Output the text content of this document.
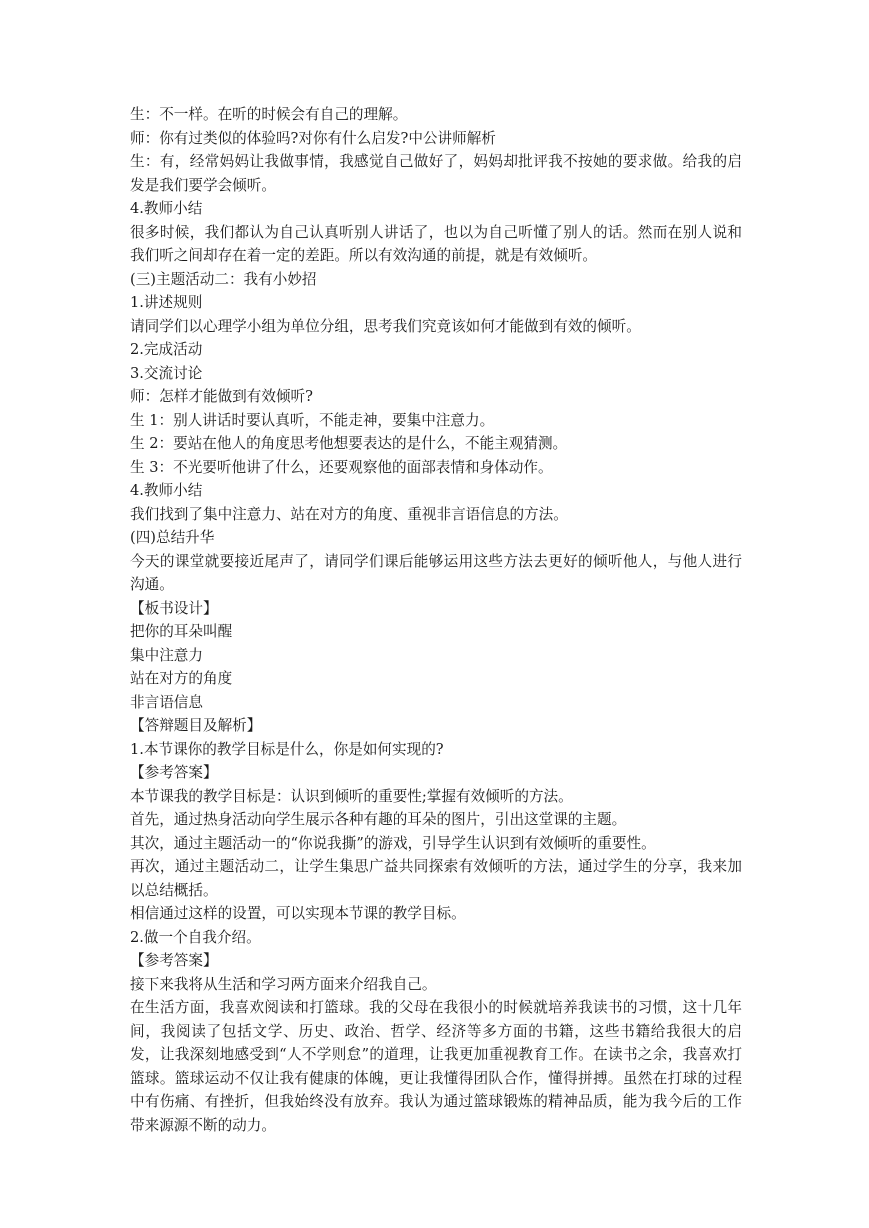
生：不一样。在听的时候会有自己的理解。

师：你有过类似的体验吗?对你有什么启发?中公讲师解析

生：有，经常妈妈让我做事情，我感觉自己做好了，妈妈却批评我不按她的要求做。给我的启发是我们要学会倾听。

4.教师小结

很多时候，我们都认为自己认真听别人讲话了，也以为自己听懂了别人的话。然而在别人说和我们听之间却存在着一定的差距。所以有效沟通的前提，就是有效倾听。

(三)主题活动二：我有小妙招

1.讲述规则

请同学们以心理学小组为单位分组，思考我们究竟该如何才能做到有效的倾听。

2.完成活动

3.交流讨论

师：怎样才能做到有效倾听?

生 1：别人讲话时要认真听，不能走神，要集中注意力。

生 2：要站在他人的角度思考他想要表达的是什么，不能主观猜测。

生 3：不光要听他讲了什么，还要观察他的面部表情和身体动作。

4.教师小结

我们找到了集中注意力、站在对方的角度、重视非言语信息的方法。

(四)总结升华

今天的课堂就要接近尾声了，请同学们课后能够运用这些方法去更好的倾听他人，与他人进行沟通。

【板书设计】

把你的耳朵叫醒

集中注意力

站在对方的角度

非言语信息

【答辩题目及解析】

1.本节课你的教学目标是什么，你是如何实现的?

【参考答案】

本节课我的教学目标是：认识到倾听的重要性;掌握有效倾听的方法。

首先，通过热身活动向学生展示各种有趣的耳朵的图片，引出这堂课的主题。

其次，通过主题活动一的“你说我撕”的游戏，引导学生认识到有效倾听的重要性。

再次，通过主题活动二，让学生集思广益共同探索有效倾听的方法，通过学生的分享，我来加以总结概括。

相信通过这样的设置，可以实现本节课的教学目标。

2.做一个自我介绍。

【参考答案】

接下来我将从生活和学习两方面来介绍我自己。

在生活方面，我喜欢阅读和打篮球。我的父母在我很小的时候就培养我读书的习惯，这十几年间，我阅读了包括文学、历史、政治、哲学、经济等多方面的书籍，这些书籍给我很大的启发，让我深刻地感受到“人不学则怠”的道理，让我更加重视教育工作。在读书之余，我喜欢打篮球。篮球运动不仅让我有健康的体魄，更让我懂得团队合作，懂得拼搏。虽然在打球的过程中有伤痛、有挫折，但我始终没有放弃。我认为通过篮球锻炼的精神品质，能为我今后的工作带来源源不断的动力。
